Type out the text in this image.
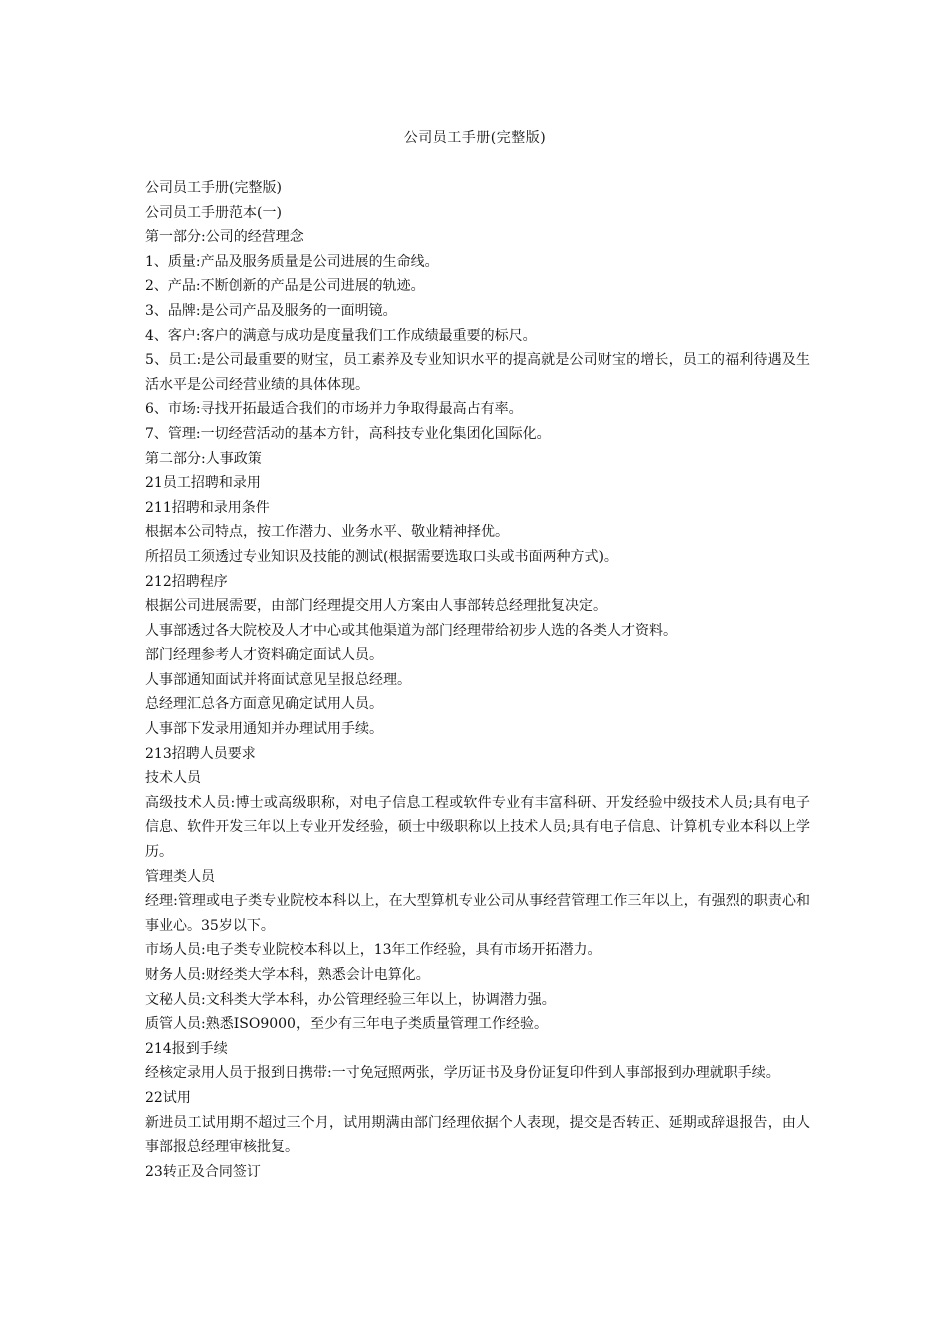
公司员工手册(完整版)

公司员工手册(完整版)

公司员工手册范本(一)

第一部分:公司的经营理念

1、质量:产品及服务质量是公司进展的生命线。

2、产品:不断创新的产品是公司进展的轨迹。

3、品牌:是公司产品及服务的一面明镜。

4、客户:客户的满意与成功是度量我们工作成绩最重要的标尺。

5、员工:是公司最重要的财宝，员工素养及专业知识水平的提高就是公司财宝的增长，员工的福利待遇及生活水平是公司经营业绩的具体体现。

6、市场:寻找开拓最适合我们的市场并力争取得最高占有率。

7、管理:一切经营活动的基本方针，高科技专业化集团化国际化。

第二部分:人事政策

21员工招聘和录用

211招聘和录用条件

根据本公司特点，按工作潜力、业务水平、敬业精神择优。

所招员工须透过专业知识及技能的测试(根据需要选取口头或书面两种方式)。

212招聘程序

根据公司进展需要，由部门经理提交用人方案由人事部转总经理批复决定。

人事部透过各大院校及人才中心或其他渠道为部门经理带给初步人选的各类人才资料。

部门经理参考人才资料确定面试人员。

人事部通知面试并将面试意见呈报总经理。

总经理汇总各方面意见确定试用人员。

人事部下发录用通知并办理试用手续。

213招聘人员要求

技术人员

高级技术人员:博士或高级职称，对电子信息工程或软件专业有丰富科研、开发经验中级技术人员;具有电子信息、软件开发三年以上专业开发经验，硕士中级职称以上技术人员;具有电子信息、计算机专业本科以上学历。

管理类人员

经理:管理或电子类专业院校本科以上，在大型算机专业公司从事经营管理工作三年以上，有强烈的职责心和事业心。35岁以下。

市场人员:电子类专业院校本科以上，13年工作经验，具有市场开拓潜力。

财务人员:财经类大学本科，熟悉会计电算化。

文秘人员:文科类大学本科，办公管理经验三年以上，协调潜力强。

质管人员:熟悉ISO9000，至少有三年电子类质量管理工作经验。

214报到手续

经核定录用人员于报到日携带:一寸免冠照两张，学历证书及身份证复印件到人事部报到办理就职手续。

22试用

新进员工试用期不超过三个月，试用期满由部门经理依据个人表现，提交是否转正、延期或辞退报告，由人事部报总经理审核批复。

23转正及合同签订
